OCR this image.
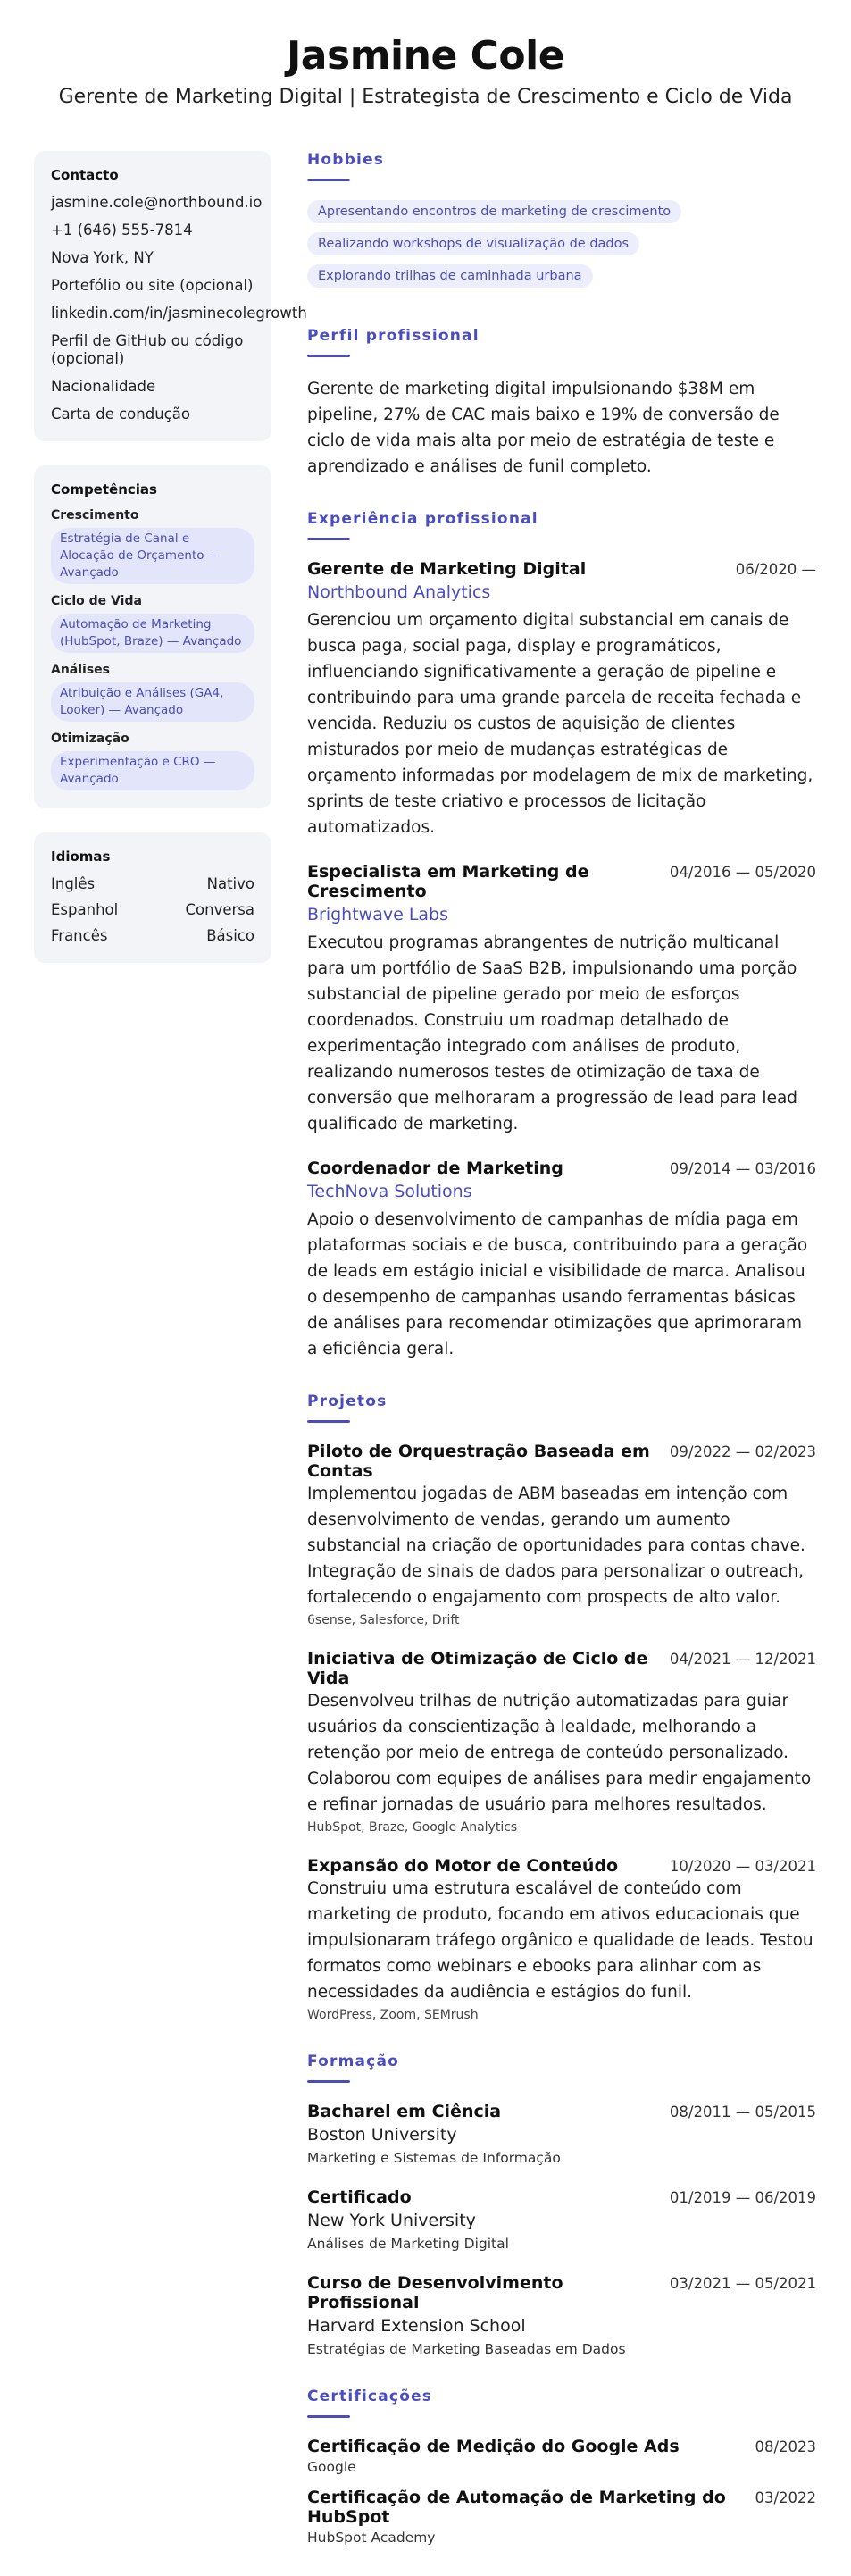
Jasmine Cole
Gerente de Marketing Digital | Estrategista de Crescimento e Ciclo de Vida
Contacto
jasmine.cole@northbound.io
+1 (646) 555-7814
Nova York, NY
Portefólio ou site (opcional)
linkedin.com/in/jasminecolegrowth
Perfil de GitHub ou código (opcional)
Nacionalidade
Carta de condução
Competências
Crescimento
Estratégia de Canal e Alocação de Orçamento — Avançado
Ciclo de Vida
Automação de Marketing (HubSpot, Braze) — Avançado
Análises
Atribuição e Análises (GA4, Looker) — Avançado
Otimização
Experimentação e CRO — Avançado
Idiomas
Inglês	Nativo
Espanhol	Conversa
Francês	Básico
Hobbies
Apresentando encontros de marketing de crescimento
Realizando workshops de visualização de dados
Explorando trilhas de caminhada urbana
Perfil profissional
Gerente de marketing digital impulsionando $38M em pipeline, 27% de CAC mais baixo e 19% de conversão de ciclo de vida mais alta por meio de estratégia de teste e aprendizado e análises de funil completo.
Experiência profissional
Gerente de Marketing Digital	06/2020 —
Northbound Analytics
Gerenciou um orçamento digital substancial em canais de busca paga, social paga, display e programáticos, influenciando significativamente a geração de pipeline e contribuindo para uma grande parcela de receita fechada e vencida. Reduziu os custos de aquisição de clientes misturados por meio de mudanças estratégicas de orçamento informadas por modelagem de mix de marketing, sprints de teste criativo e processos de licitação automatizados.
Especialista em Marketing de Crescimento
04/2016 — 05/2020
Brightwave Labs
Executou programas abrangentes de nutrição multicanal para um portfólio de SaaS B2B, impulsionando uma porção substancial de pipeline gerado por meio de esforços coordenados. Construiu um roadmap detalhado de experimentação integrado com análises de produto, realizando numerosos testes de otimização de taxa de conversão que melhoraram a progressão de lead para lead qualificado de marketing.
Coordenador de Marketing	09/2014 — 03/2016
TechNova Solutions
Apoio o desenvolvimento de campanhas de mídia paga em plataformas sociais e de busca, contribuindo para a geração de leads em estágio inicial e visibilidade de marca. Analisou o desempenho de campanhas usando ferramentas básicas de análises para recomendar otimizações que aprimoraram a eficiência geral.
Projetos
Piloto de Orquestração Baseada em Contas
09/2022 — 02/2023
Implementou jogadas de ABM baseadas em intenção com desenvolvimento de vendas, gerando um aumento substancial na criação de oportunidades para contas chave. Integração de sinais de dados para personalizar o outreach, fortalecendo o engajamento com prospects de alto valor.
6sense, Salesforce, Drift
Iniciativa de Otimização de Ciclo de Vida
04/2021 — 12/2021
Desenvolveu trilhas de nutrição automatizadas para guiar usuários da conscientização à lealdade, melhorando a retenção por meio de entrega de conteúdo personalizado. Colaborou com equipes de análises para medir engajamento e refinar jornadas de usuário para melhores resultados.
HubSpot, Braze, Google Analytics
Expansão do Motor de Conteúdo	10/2020 — 03/2021
Construiu uma estrutura escalável de conteúdo com marketing de produto, focando em ativos educacionais que impulsionaram tráfego orgânico e qualidade de leads. Testou formatos como webinars e ebooks para alinhar com as necessidades da audiência e estágios do funil.
WordPress, Zoom, SEMrush
Formação
Bacharel em Ciência	08/2011 — 05/2015
Boston University
Marketing e Sistemas de Informação
Certificado	01/2019 — 06/2019
New York University
Análises de Marketing Digital
Curso de Desenvolvimento Profissional
03/2021 — 05/2021
Harvard Extension School
Estratégias de Marketing Baseadas em Dados
Certificações
Certificação de Medição do Google Ads	08/2023
Google
Certificação de Automação de Marketing do HubSpot
03/2022
HubSpot Academy
